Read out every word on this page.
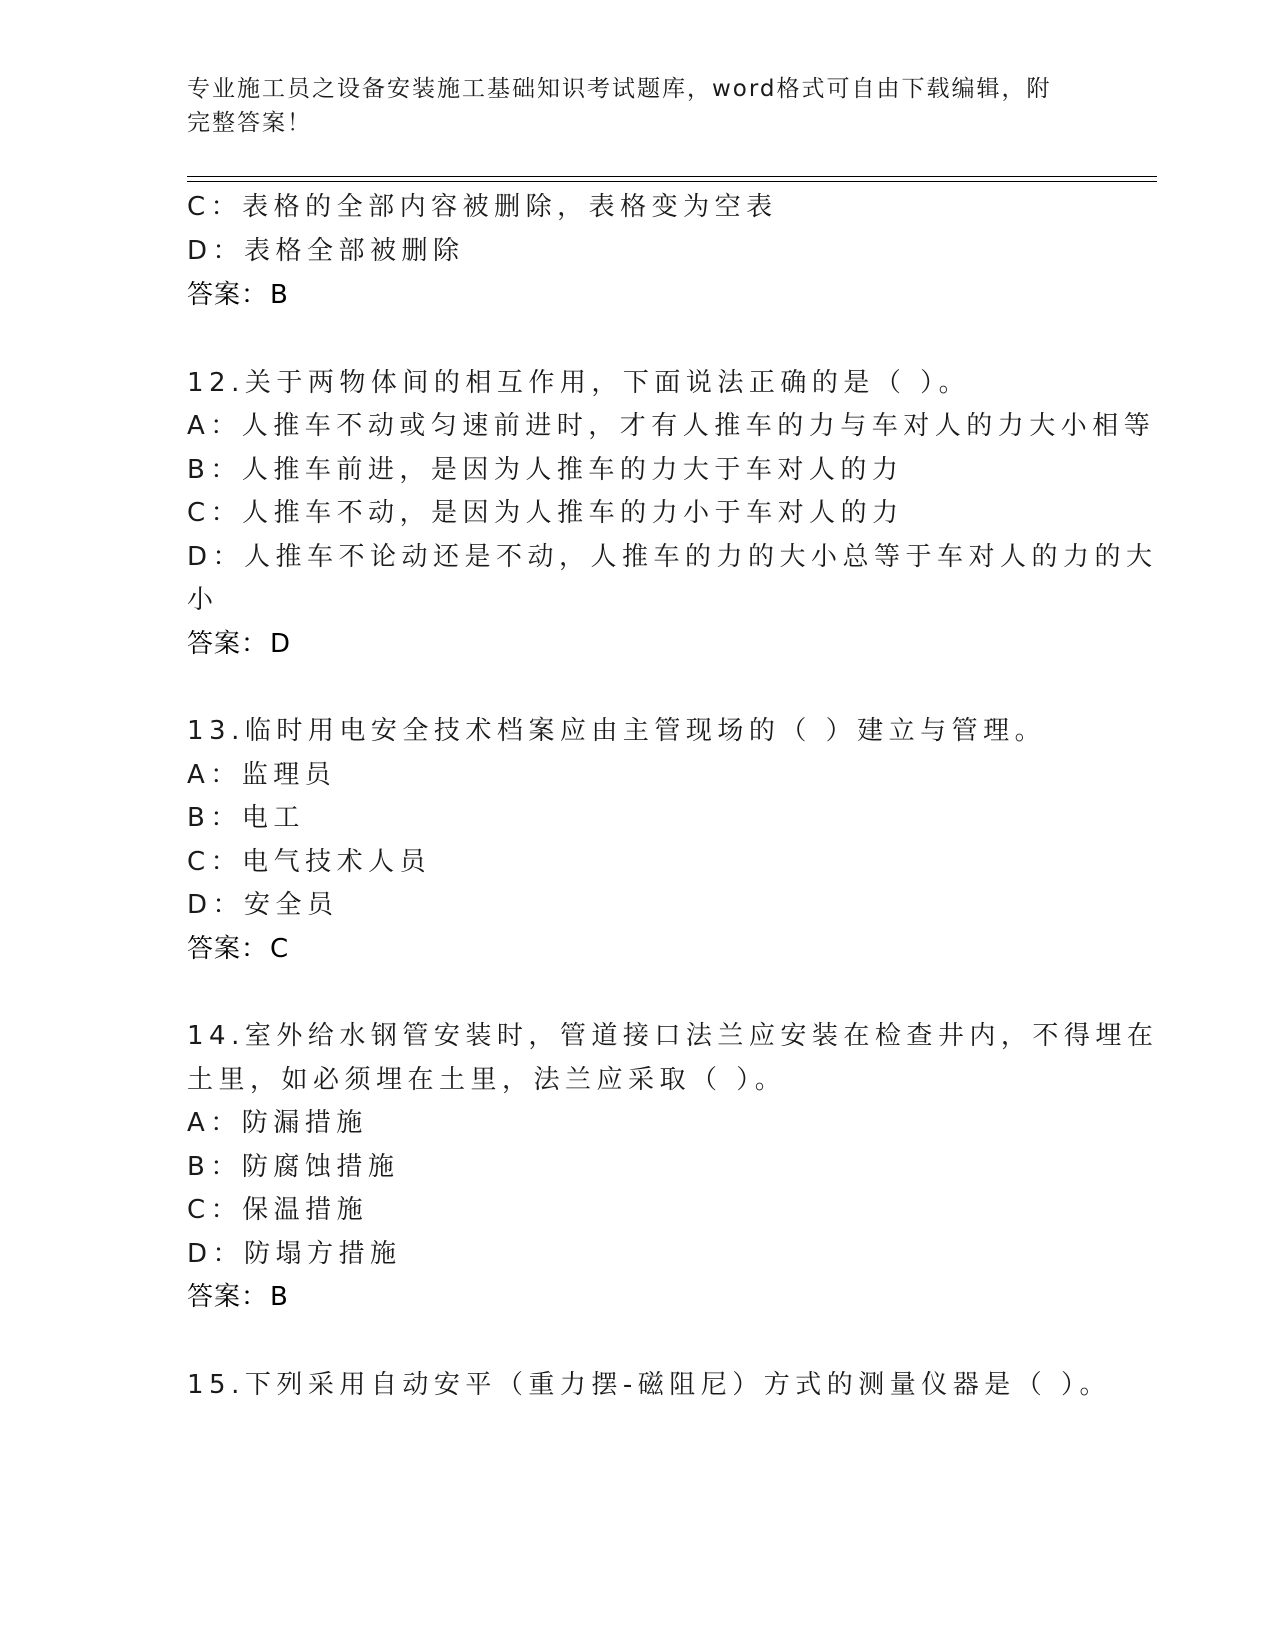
专业施工员之设备安装施工基础知识考试题库，word格式可自由下载编辑，附完整答案！
C：表格的全部内容被删除，表格变为空表
D：表格全部被删除
答案：B
12.关于两物体间的相互作用，下面说法正确的是（ ）。
A：人推车不动或匀速前进时，才有人推车的力与车对人的力大小相等
B：人推车前进，是因为人推车的力大于车对人的力
C：人推车不动，是因为人推车的力小于车对人的力
D：人推车不论动还是不动，人推车的力的大小总等于车对人的力的大
小
答案：D
13.临时用电安全技术档案应由主管现场的（ ）建立与管理。
A：监理员
B：电工
C：电气技术人员
D：安全员
答案：C
14.室外给水钢管安装时，管道接口法兰应安装在检查井内，不得埋在
土里，如必须埋在土里，法兰应采取（ ）。
A：防漏措施
B：防腐蚀措施
C：保温措施
D：防塌方措施
答案：B
15.下列采用自动安平（重力摆-磁阻尼）方式的测量仪器是（ ）。
